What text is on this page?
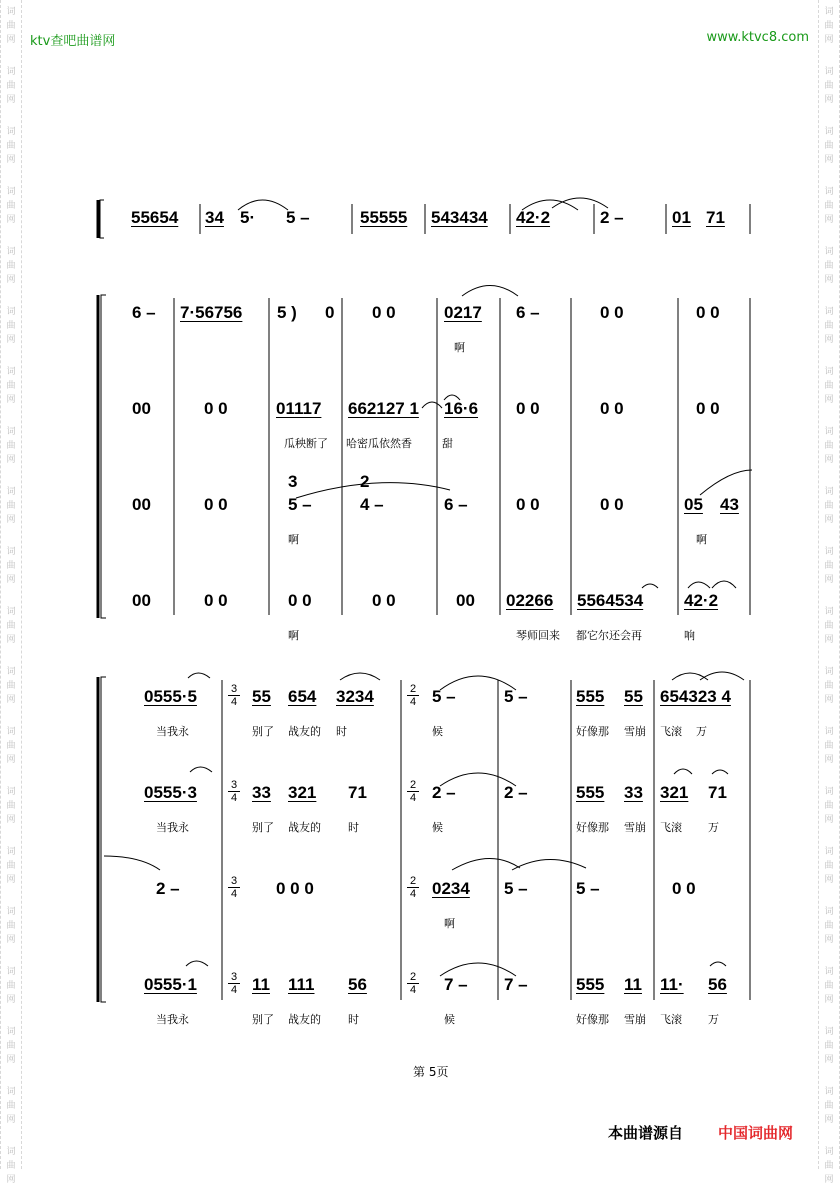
词
曲
网
词
曲
网
词
曲
网
词
曲
网
词
曲
网
词
曲
网
词
曲
网
词
曲
网
词
曲
网
词
曲
网
词
曲
网
词
曲
网
词
曲
网
词
曲
网
词
曲
网
词
曲
网
词
曲
网
词
曲
网
词
曲
网
词
曲
网
词
曲
网
词
曲
网
词
曲
网
词
曲
网
词
曲
网
词
曲
网
词
曲
网
词
曲
网
词
曲
网
词
曲
网
词
曲
网
词
曲
网
词
曲
网
词
曲
网
词
曲
网
词
曲
网
词
曲
网
词
曲
网
词
曲
网
词
曲
网
ktv查吧曲谱网	www.ktvc8.com
55654 34 5· 5 –	55555 543434 42·2	2 –	01 71
6 – 7·56756 5 ) 0 0 0	0217 6 –	0 0	0 0
啊
00	0 0	01117 662127 1 16·6 0 0	0 0	0 0
瓜秧断了 哈密瓜依然香	甜
3	2
00	0 0	5 –	4 –	6 –	0 0	0 0	05 43
啊	啊
00	0 0	0 0	0 0	00 02266 5564534 42·2
啊	琴师回来 都它尔还会再	响
3
4
2
4
3
4
2
4
3
4
2
4
3
4
2
4
0555·5	55 654 3234	5 –	5 –	555 55 654323 4
当我永	别了 战友的 时	候	好像那 雪崩 飞滚 万
0555·3	33 321 71	2 –	2 –	555 33 321 71
当我永	别了 战友的 时	候	好像那 雪崩 飞滚 万
2 –	0 0 0	0234 5 –	5 –	0 0
啊
0555·1	11 111 56	7 – 7 –	555 11 11· 56
当我永	别了 战友的 时	候	好像那 雪崩 飞滚 万
第 5页
本曲谱源自 中国词曲网
